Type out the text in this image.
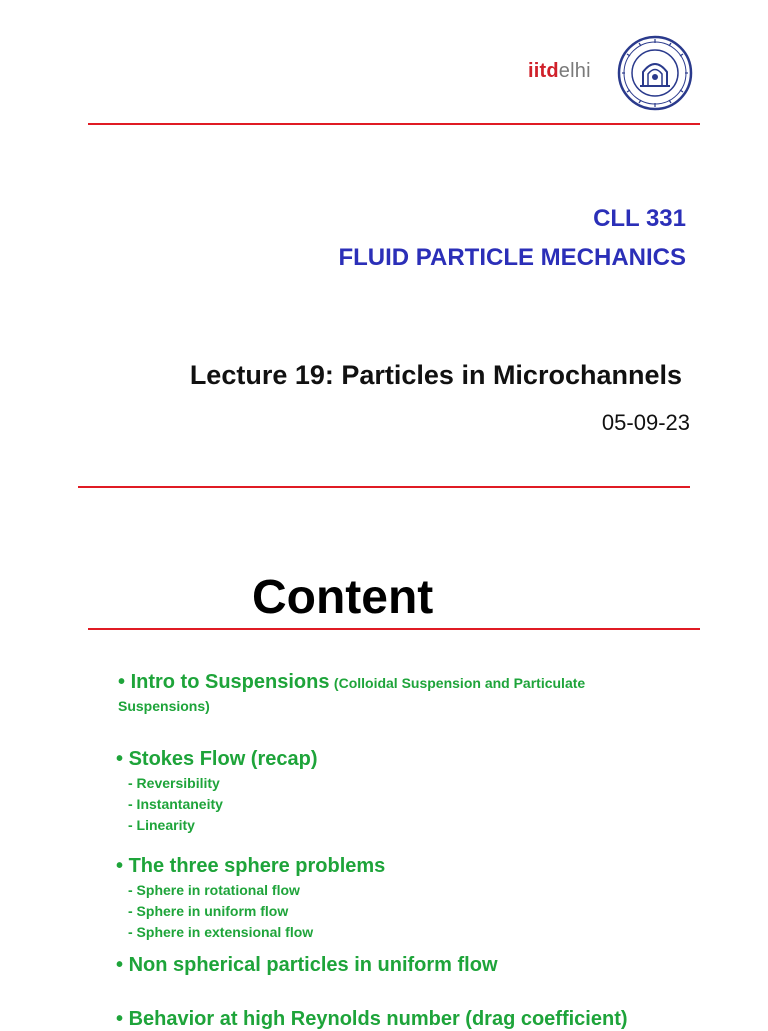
iitdelhi
CLL 331
FLUID PARTICLE MECHANICS
Lecture 19: Particles in Microchannels
05-09-23
Content
• Intro to Suspensions (Colloidal Suspension and Particulate
Suspensions)
• Stokes Flow (recap)
- Reversibility
- Instantaneity
- Linearity
• The three sphere problems
- Sphere in rotational flow
- Sphere in uniform flow
- Sphere in extensional flow
• Non spherical particles in uniform flow
• Behavior at high Reynolds number (drag coefficient)
